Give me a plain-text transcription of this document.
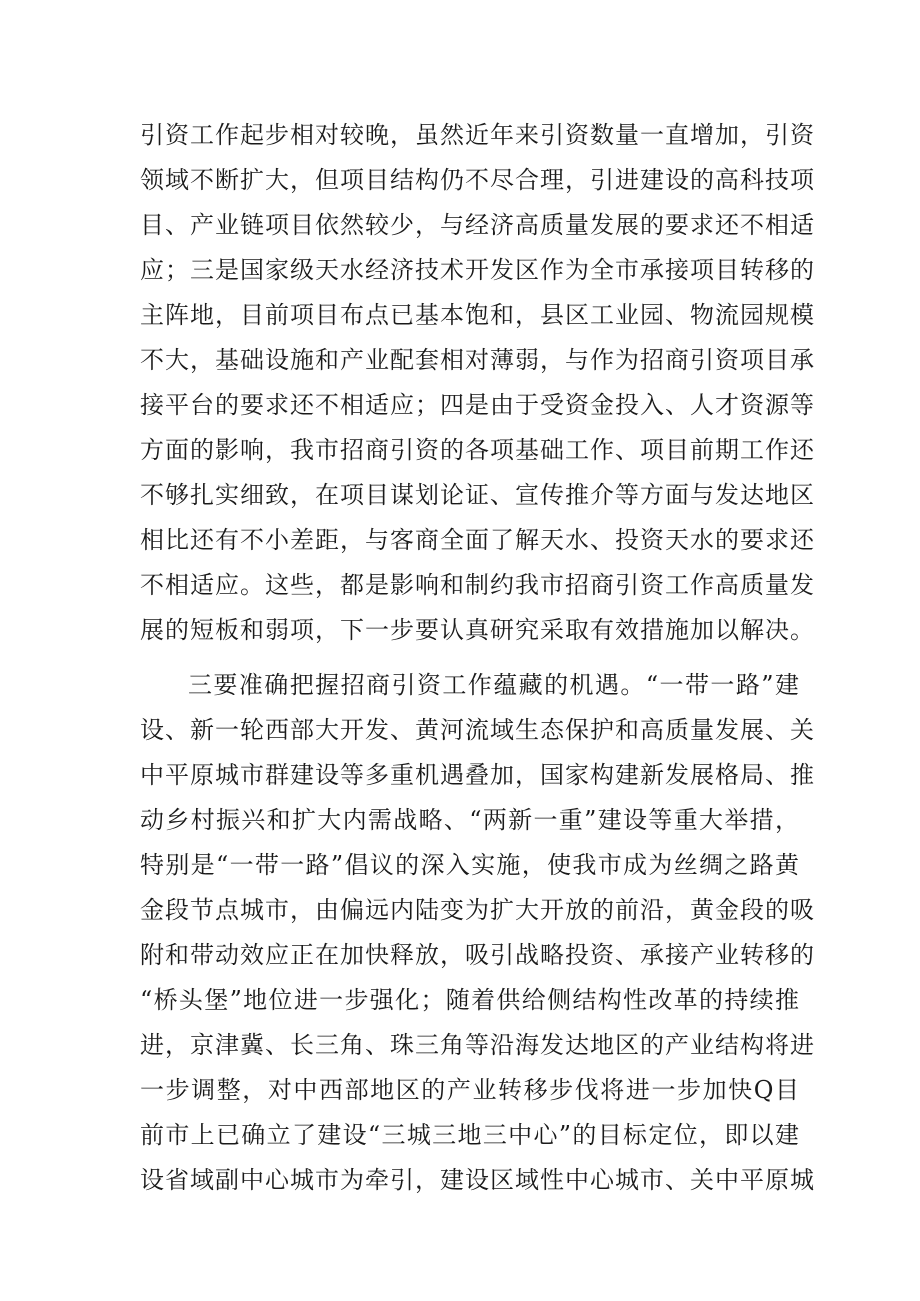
引资工作起步相对较晚，虽然近年来引资数量一直增加，引资
领域不断扩大，但项目结构仍不尽合理，引进建设的高科技项
目、产业链项目依然较少，与经济高质量发展的要求还不相适
应；三是国家级天水经济技术开发区作为全市承接项目转移的
主阵地，目前项目布点已基本饱和，县区工业园、物流园规模
不大，基础设施和产业配套相对薄弱，与作为招商引资项目承
接平台的要求还不相适应；四是由于受资金投入、人才资源等
方面的影响，我市招商引资的各项基础工作、项目前期工作还
不够扎实细致，在项目谋划论证、宣传推介等方面与发达地区
相比还有不小差距，与客商全面了解天水、投资天水的要求还
不相适应。这些，都是影响和制约我市招商引资工作高质量发
展的短板和弱项，下一步要认真研究采取有效措施加以解决。
三要准确把握招商引资工作蕴藏的机遇。“一带一路”建
设、新一轮西部大开发、黄河流域生态保护和高质量发展、关
中平原城市群建设等多重机遇叠加，国家构建新发展格局、推
动乡村振兴和扩大内需战略、“两新一重”建设等重大举措，
特别是“一带一路”倡议的深入实施，使我市成为丝绸之路黄
金段节点城市，由偏远内陆变为扩大开放的前沿，黄金段的吸
附和带动效应正在加快释放，吸引战略投资、承接产业转移的
“桥头堡”地位进一步强化；随着供给侧结构性改革的持续推
进，京津冀、长三角、珠三角等沿海发达地区的产业结构将进
一步调整，对中西部地区的产业转移步伐将进一步加快Q目
前市上已确立了建设“三城三地三中心”的目标定位，即以建
设省域副中心城市为牵引，建设区域性中心城市、关中平原城
